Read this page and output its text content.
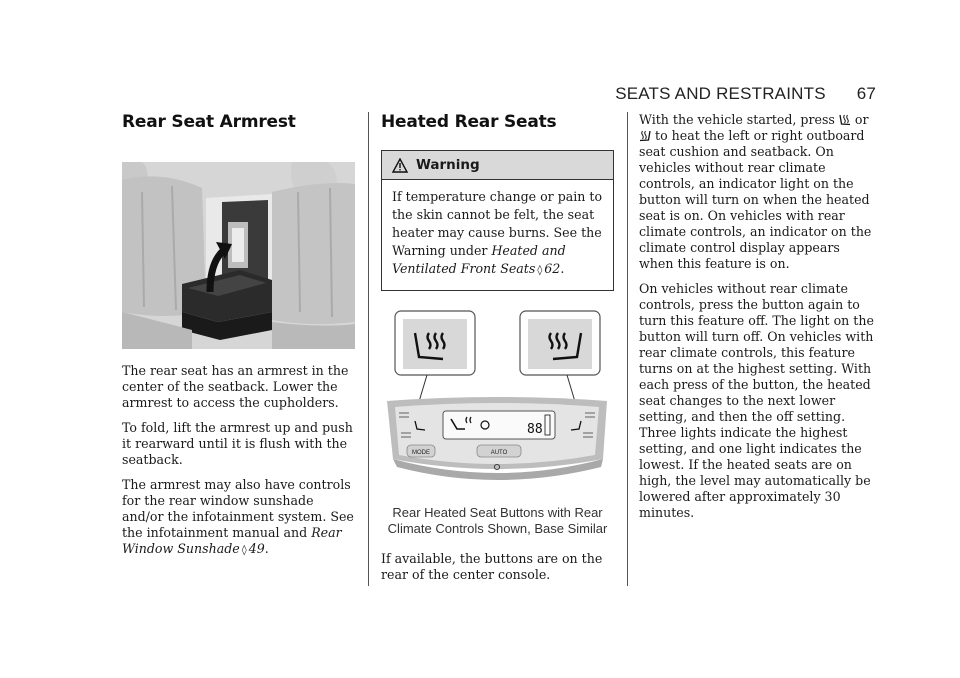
SEATS AND RESTRAINTS 67
Rear Seat Armrest

The rear seat has an armrest in the center of the seatback. Lower the armrest to access the cupholders.

To fold, lift the armrest up and push it rearward until it is flush with the seatback.

The armrest may also have controls for the rear window sunshade and/or the infotainment system. See the infotainment manual and Rear Window Sunshade ◊ 49.

Heated Rear Seats
Warning

If temperature change or pain to the skin cannot be felt, the seat heater may cause burns. See the Warning under Heated and Ventilated Front Seats ◊ 62.

88
MODE	AUTO

Rear Heated Seat Buttons with Rear Climate Controls Shown, Base Similar

If available, the buttons are on the rear of the center console.

With the vehicle started, press  or
to heat the left or right outboard seat cushion and seatback. On vehicles without rear climate controls, an indicator light on the button will turn on when the heated seat is on. On vehicles with rear climate controls, an indicator on the climate control display appears when this feature is on.

On vehicles without rear climate controls, press the button again to turn this feature off. The light on the button will turn off. On vehicles with rear climate controls, this feature turns on at the highest setting. With each press of the button, the heated seat changes to the next lower setting, and then the off setting. Three lights indicate the highest setting, and one light indicates the lowest. If the heated seats are on high, the level may automatically be lowered after approximately 30 minutes.
